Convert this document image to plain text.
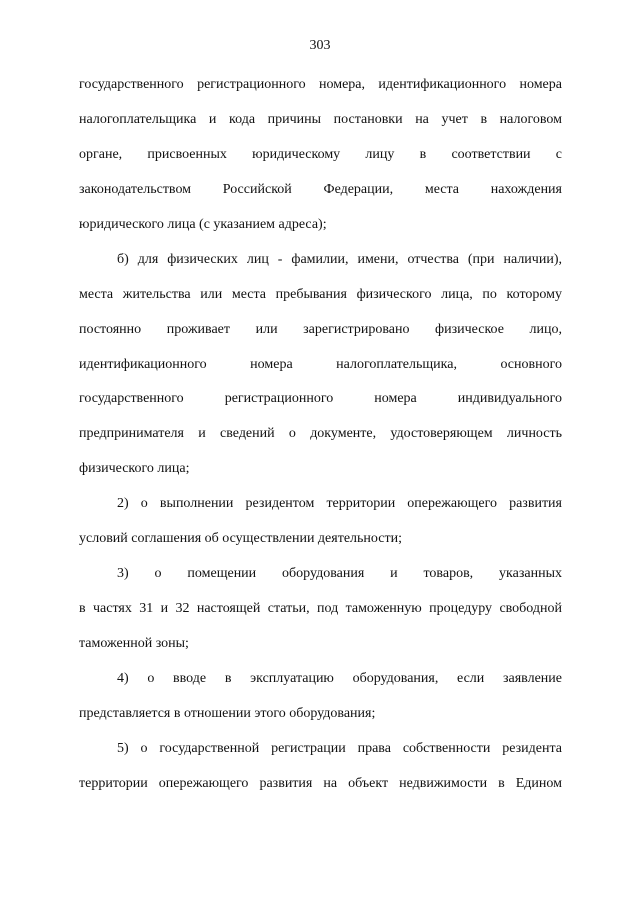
303
государственного регистрационного номера, идентификационного номера
налогоплательщика и кода причины постановки на учет в налоговом
органе, присвоенных юридическому лицу в соответствии с
законодательством Российской Федерации, места нахождения
юридического лица (с указанием адреса);
б) для физических лиц - фамилии, имени, отчества (при наличии),
места жительства или места пребывания физического лица, по которому
постоянно проживает или зарегистрировано физическое лицо,
идентификационного номера налогоплательщика, основного
государственного регистрационного номера индивидуального
предпринимателя и сведений о документе, удостоверяющем личность
физического лица;
2) о выполнении резидентом территории опережающего развития
условий соглашения об осуществлении деятельности;
3) о помещении оборудования и товаров, указанных
в частях 31 и 32 настоящей статьи, под таможенную процедуру свободной
таможенной зоны;
4) о вводе в эксплуатацию оборудования, если заявление
представляется в отношении этого оборудования;
5) о государственной регистрации права собственности резидента
территории опережающего развития на объект недвижимости в Едином
